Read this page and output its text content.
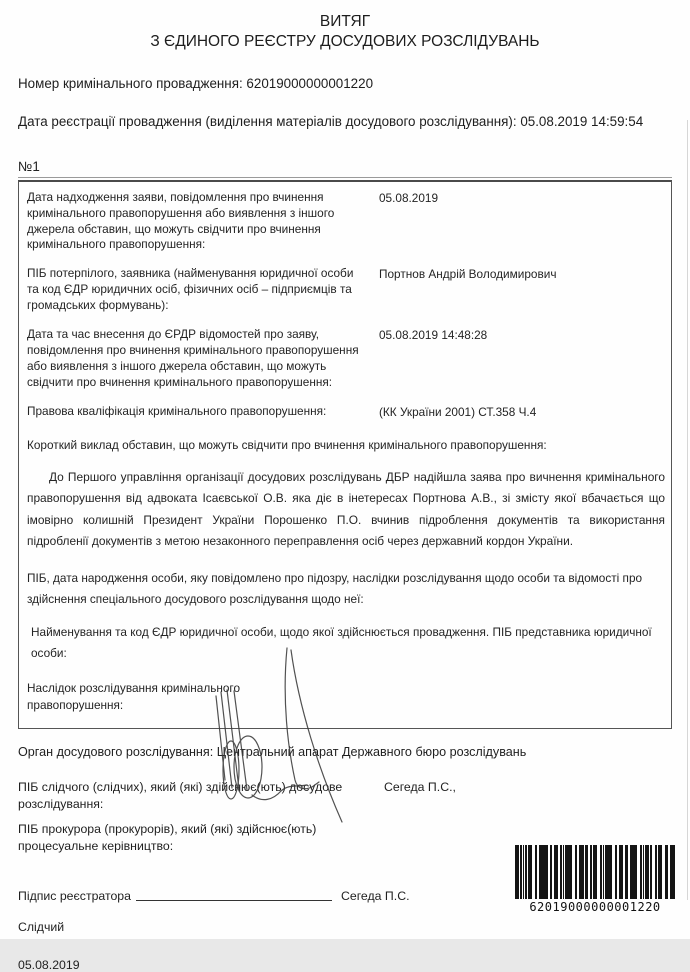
ВИТЯГ
З ЄДИНОГО РЕЄСТРУ ДОСУДОВИХ РОЗСЛІДУВАНЬ
Номер кримінального провадження: 62019000000001220
Дата реєстрації провадження (виділення матеріалів досудового розслідування): 05.08.2019 14:59:54
№1
Дата надходження заяви, повідомлення про вчинення кримінального правопорушення або виявлення з іншого джерела обставин, що можуть свідчити про вчинення кримінального правопорушення:
05.08.2019
ПІБ потерпілого, заявника (найменування юридичної особи та код ЄДР юридичних осіб, фізичних осіб – підприємців та громадських формувань):
Портнов Андрій Володимирович
Дата та час внесення до ЄРДР відомостей про заяву, повідомлення про вчинення кримінального правопорушення або виявлення з іншого джерела обставин, що можуть свідчити про вчинення кримінального правопорушення:
05.08.2019 14:48:28
Правова кваліфікація кримінального правопорушення:	(КК України 2001) СТ.358 Ч.4
Короткий виклад обставин, що можуть свідчити про вчинення кримінального правопорушення:
До Першого управління організації досудових розслідувань ДБР надійшла заява про вичнення кримінального правопорушення від адвоката Ісаєвської О.В. яка діє в інетересах Портнова А.В., зі змісту якої вбачається що імовірно колишній Президент України Порошенко П.О. вчинив підроблення документів та використання підробленії документів з метою незаконного переправлення осіб через державний кордон України.
ПІБ, дата народження особи, яку повідомлено про підозру, наслідки розслідування щодо особи та відомості про здійснення спеціального досудового розслідування щодо неї:
Найменування та код ЄДР юридичної особи, щодо якої здійснюється провадження. ПІБ представника юридичної особи:
Наслідок розслідування кримінального правопорушення:
Орган досудового розслідування: Центральний апарат Державного бюро розслідувань
ПІБ слідчого (слідчих), який (які) здійснює(ють) досудове розслідування:
Сегеда П.С.,
ПІБ прокурора (прокурорів), який (які) здійснює(ють) процесуальне керівництво:
Підпис реєстратора	Сегеда П.С.
Слідчий
05.08.2019
62019000000001220
